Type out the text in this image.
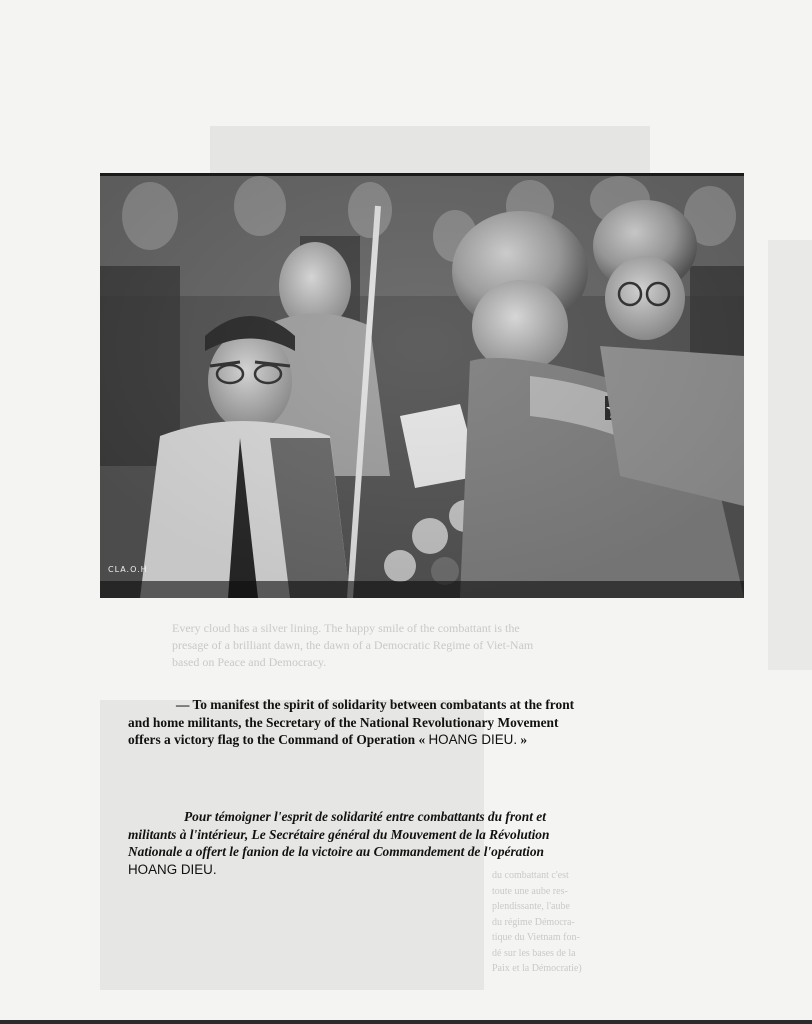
Every cloud has a silver lining. The happy smile of the combattant is the
presage of a brilliant dawn, the dawn of a Democratic Regime of Viet-Nam
based on Peace and Democracy.
du combattant c'est
toute une aube res-
plendissante, l'aube
du régime Démocra-
tique du Vietnam fon-
dé sur les bases de la
Paix et la Démocratie)
CLA.O.H
— To manifest the spirit of solidarity between combatants at the front
and home militants, the Secretary of the National Revolutionary Movement
offers a victory flag to the Command of Operation « HOANG DIEU. »
Pour témoigner l'esprit de solidarité entre combattants du front et
militants à l'intérieur, Le Secrétaire général du Mouvement de la Révolution
Nationale a offert le fanion de la victoire au Commandement de l'opération
HOANG DIEU.
